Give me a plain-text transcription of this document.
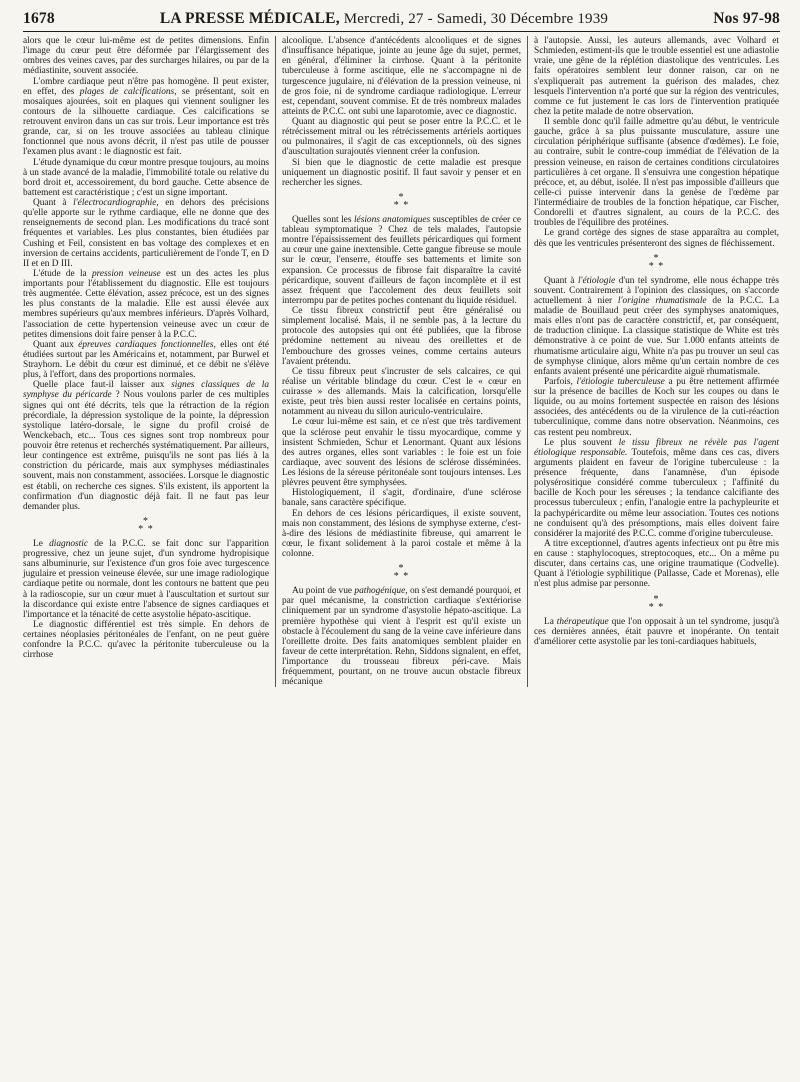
1678	LA PRESSE MÉDICALE, Mercredi, 27 - Samedi, 30 Décembre 1939	Nos 97-98

alors que le cœur lui-même est de petites dimensions. Enfin l'image du cœur peut être déformée par l'élargissement des ombres des veines caves, par des surcharges hilaires, ou par de la médiastinite, souvent associée.

L'ombre cardiaque peut n'être pas homogène. Il peut exister, en effet, des plages de calcifications, se présentant, soit en mosaïques ajourées, soit en plaques qui viennent souligner les contours de la silhouette cardiaque. Ces calcifications se retrouvent environ dans un cas sur trois. Leur importance est très grande, car, si on les trouve associées au tableau clinique fonctionnel que nous avons décrit, il n'est pas utile de pousser l'examen plus avant : le diagnostic est fait.

L'étude dynamique du cœur montre presque toujours, au moins à un stade avancé de la maladie, l'immobilité totale ou relative du bord droit et, accessoirement, du bord gauche. Cette absence de battement est caractéristique ; c'est un signe important.

Quant à l'électrocardiographie, en dehors des précisions qu'elle apporte sur le rythme cardiaque, elle ne donne que des renseignements de second plan. Les modifications du tracé sont fréquentes et variables. Les plus constantes, bien étudiées par Cushing et Feil, consistent en bas voltage des complexes et en inversion de certains accidents, particulièrement de l'onde T, en D II et en D III.

L'étude de la pression veineuse est un des actes les plus importants pour l'établissement du diagnostic. Elle est toujours très augmentée. Cette élévation, assez précoce, est un des signes les plus constants de la maladie. Elle est aussi élevée aux membres supérieurs qu'aux membres inférieurs. D'après Volhard, l'association de cette hypertension veineuse avec un cœur de petites dimensions doit faire penser à la P.C.C.

Quant aux épreuves cardiaques fonctionnelles, elles ont été étudiées surtout par les Américains et, notamment, par Burwel et Strayhorn. Le débit du cœur est diminué, et ce débit ne s'élève plus, à l'effort, dans des proportions normales.

Quelle place faut-il laisser aux signes classiques de la symphyse du péricarde ? Nous voulons parler de ces multiples signes qui ont été décrits, tels que la rétraction de la région précordiale, la dépression systolique de la pointe, la dépression systolique latéro-dorsale, le signe du profil croisé de Wenckebach, etc... Tous ces signes sont trop nombreux pour pouvoir être retenus et recherchés systématiquement. Par ailleurs, leur contingence est extrême, puisqu'ils ne sont pas liés à la constriction du péricarde, mais aux symphyses médiastinales souvent, mais non constamment, associées. Lorsque le diagnostic est établi, on recherche ces signes. S'ils existent, ils apportent la confirmation d'un diagnostic déjà fait. Il ne faut pas leur demander plus.

*
* *

Le diagnostic de la P.C.C. se fait donc sur l'apparition progressive, chez un jeune sujet, d'un syndrome hydropisique sans albuminurie, sur l'existence d'un gros foie avec turgescence jugulaire et pression veineuse élevée, sur une image radiologique cardiaque petite ou normale, dont les contours ne battent que peu à la radioscopie, sur un cœur muet à l'auscultation et surtout sur la discordance qui existe entre l'absence de signes cardiaques et l'importance et la ténacité de cette asystolie hépato-ascitique.

Le diagnostic différentiel est très simple. En dehors de certaines néoplasies péritonéales de l'enfant, on ne peut guère confondre la P.C.C. qu'avec la péritonite tuberculeuse ou la cirrhose

alcoolique. L'absence d'antécédents alcooliques et de signes d'insuffisance hépatique, jointe au jeune âge du sujet, permet, en général, d'éliminer la cirrhose. Quant à la péritonite tuberculeuse à forme ascitique, elle ne s'accompagne ni de turgescence jugulaire, ni d'élévation de la pression veineuse, ni de gros foie, ni de syndrome cardiaque radiologique. L'erreur est, cependant, souvent commise. Et de très nombreux malades atteints de P.C.C. ont subi une laparotomie, avec ce diagnostic.

Quant au diagnostic qui peut se poser entre la P.C.C. et le rétrécissement mitral ou les rétrécissements artériels aortiques ou pulmonaires, il s'agit de cas exceptionnels, où des signes d'auscultation surajoutés viennent créer la confusion.

Si bien que le diagnostic de cette maladie est presque uniquement un diagnostic positif. Il faut savoir y penser et en rechercher les signes.

*
* *

Quelles sont les lésions anatomiques susceptibles de créer ce tableau symptomatique ? Chez de tels malades, l'autopsie montre l'épaississement des feuillets péricardiques qui forment au cœur une gaine inextensible. Cette gangue fibreuse se moule sur le cœur, l'enserre, étouffe ses battements et limite son expansion. Ce processus de fibrose fait disparaître la cavité péricardique, souvent d'ailleurs de façon incomplète et il est assez fréquent que l'accolement des deux feuillets soit interrompu par de petites poches contenant du liquide résiduel.

Ce tissu fibreux constrictif peut être généralisé ou simplement localisé. Mais, il ne semble pas, à la lecture du protocole des autopsies qui ont été publiées, que la fibrose prédomine nettement au niveau des oreillettes et de l'embouchure des grosses veines, comme certains auteurs l'avaient prétendu.

Ce tissu fibreux peut s'incruster de sels calcaires, ce qui réalise un véritable blindage du cœur. C'est le « cœur en cuirasse » des allemands. Mais la calcification, lorsqu'elle existe, peut très bien aussi rester localisée en certains points, notamment au niveau du sillon auriculo-ventriculaire.

Le cœur lui-même est sain, et ce n'est que très tardivement que la sclérose peut envahir le tissu myocardique, comme y insistent Schmieden, Schur et Lenormant. Quant aux lésions des autres organes, elles sont variables : le foie est un foie cardiaque, avec souvent des lésions de sclérose disséminées. Les lésions de la séreuse péritonéale sont toujours intenses. Les plèvres peuvent être symphysées.

Histologiquement, il s'agit, d'ordinaire, d'une sclérose banale, sans caractère spécifique.

En dehors de ces lésions péricardiques, il existe souvent, mais non constamment, des lésions de symphyse externe, c'est-à-dire des lésions de médiastinite fibreuse, qui amarrent le cœur, le fixant solidement à la paroi costale et même à la colonne.

*
* *

Au point de vue pathogénique, on s'est demandé pourquoi, et par quel mécanisme, la constriction cardiaque s'extériorise cliniquement par un syndrome d'asystolie hépato-ascitique. La première hypothèse qui vient à l'esprit est qu'il existe un obstacle à l'écoulement du sang de la veine cave inférieure dans l'oreillette droite. Des faits anatomiques semblent plaider en faveur de cette interprétation. Rehn, Siddons signalent, en effet, l'importance du trousseau fibreux péri-cave. Mais fréquemment, pourtant, on ne trouve aucun obstacle fibreux mécanique

à l'autopsie. Aussi, les auteurs allemands, avec Volhard et Schmieden, estiment-ils que le trouble essentiel est une adiastolie vraie, une gêne de la réplétion diastolique des ventricules. Les faits opératoires semblent leur donner raison, car on ne s'expliquerait pas autrement la guérison des malades, chez lesquels l'intervention n'a porté que sur la région des ventricules, comme ce fut justement le cas lors de l'intervention pratiquée chez la petite malade de notre observation.

Il semble donc qu'il faille admettre qu'au début, le ventricule gauche, grâce à sa plus puissante musculature, assure une circulation périphérique suffisante (absence d'œdèmes). Le foie, au contraire, subit le contre-coup immédiat de l'élévation de la pression veineuse, en raison de certaines conditions circulatoires particulières à cet organe. Il s'ensuivra une congestion hépatique précoce, et, au début, isolée. Il n'est pas impossible d'ailleurs que celle-ci puisse intervenir dans la genèse de l'œdème par l'intermédiaire de troubles de la fonction hépatique, car Fischer, Condorelli et d'autres signalent, au cours de la P.C.C. des troubles de l'équilibre des protéines.

Le grand cortège des signes de stase apparaîtra au complet, dès que les ventricules présenteront des signes de fléchissement.

*
* *

Quant à l'étiologie d'un tel syndrome, elle nous échappe très souvent. Contrairement à l'opinion des classiques, on s'accorde actuellement à nier l'origine rhumatismale de la P.C.C. La maladie de Bouillaud peut créer des symphyses anatomiques, mais elles n'ont pas de caractère constrictif, et, par conséquent, de traduction clinique. La classique statistique de White est très démonstrative à ce point de vue. Sur 1.000 enfants atteints de rhumatisme articulaire aigu, White n'a pas pu trouver un seul cas de symphyse clinique, alors même qu'un certain nombre de ces enfants avaient présenté une péricardite aiguë rhumatismale.

Parfois, l'étiologie tuberculeuse a pu être nettement affirmée sur la présence de bacilles de Koch sur les coupes ou dans le liquide, ou au moins fortement suspectée en raison des lésions associées, des antécédents ou de la virulence de la cuti-réaction tuberculinique, comme dans notre observation. Néanmoins, ces cas restent peu nombreux.

Le plus souvent le tissu fibreux ne révèle pas l'agent étiologique responsable. Toutefois, même dans ces cas, divers arguments plaident en faveur de l'origine tuberculeuse : la présence fréquente, dans l'anamnèse, d'un épisode polysérositique considéré comme tuberculeux ; l'affinité du bacille de Koch pour les séreuses ; la tendance calcifiante des processus tuberculeux ; enfin, l'analogie entre la pachypleurite et la pachypéricardite ou même leur association. Toutes ces notions ne conduisent qu'à des présomptions, mais elles doivent faire considérer la majorité des P.C.C. comme d'origine tuberculeuse.

A titre exceptionnel, d'autres agents infectieux ont pu être mis en cause : staphylocoques, streptocoques, etc... On a même pu discuter, dans certains cas, une origine traumatique (Codvelle). Quant à l'étiologie syphilitique (Pallasse, Cade et Morenas), elle n'est plus admise par personne.

*
* *

La thérapeutique que l'on opposait à un tel syndrome, jusqu'à ces dernières années, était pauvre et inopérante. On tentait d'améliorer cette asystolie par les toni-cardiaques habituels,
